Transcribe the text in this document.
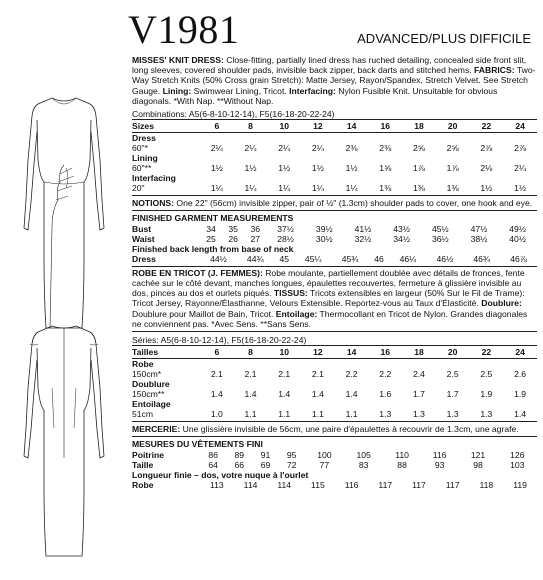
V1981	ADVANCED/PLUS DIFFICILE

MISSES' KNIT DRESS: Close-fitting, partially lined dress has ruched detailing, concealed side front slit, long sleeves, covered shoulder pads, invisible back zipper, back darts and stitched hems. FABRICS: Two-Way Stretch Knits (50% Cross grain Stretch): Matte Jersey, Rayon/Spandex, Stretch Velvet. See Stretch Gauge. Lining: Swimwear Lining, Tricot. Interfacing: Nylon Fusible Knit. Unsuitable for obvious diagonals. *With Nap. **Without Nap.

Combinations: A5(6-8-10-12-14), F5(16-18-20-22-24)
Sizes	6	8	10	12	14	16	18	20	22	24
Dress										
60"*	2¼	2¼	2¼	2¼	2⅜	2⅜	2⅝	2⅝	2⅞	2⅞
Lining										
60"**	1½	1½	1½	1½	1½	1⅝	1⅞	1⅞	2⅛	2¼
Interfacing										
20"	1¼	1¼	1¼	1¼	1¼	1⅜	1⅜	1⅜	1½	1½

NOTIONS: One 22" (56cm) invisible zipper, pair of ½" (1.3cm) shoulder pads to cover, one hook and eye.

FINISHED GARMENT MEASUREMENTS
Bust	34	35	36	37½	39½	41½	43½	45½	47½	49½
Waist	25	26	27	28½	30½	32½	34½	36½	38½	40½
Finished back length from base of neck
Dress	44½	44¾	45	45¼	45¾	46	46¼	46½	46¾	46⅞

ROBE EN TRICOT (J. FEMMES): Robe moulante, partiellement doublée avec détails de fronces, fente cachée sur le côté devant, manches longues, épaulettes recouvertes, fermeture à glissière invisible au dos, pinces au dos et ourlets piqués. TISSUS: Tricots extensibles en largeur (50% Sur le Fil de Trame): Tricot Jersey, Rayonne/Élasthanne, Velours Extensible. Reportez-vous au Taux d'Élasticité. Doublure: Doublure pour Maillot de Bain, Tricot. Entoilage: Thermocollant en Tricot de Nylon. Grandes diagonales ne conviennent pas. *Avec Sens. **Sans Sens.

Séries: A5(6-8-10-12-14), F5(16-18-20-22-24)
Tailles	6	8	10	12	14	16	18	20	22	24
Robe										
150cm*	2.1	2.1	2.1	2.1	2.2	2.2	2.4	2.5	2.5	2.6
Doublure										
150cm**	1.4	1.4	1.4	1.4	1.4	1.6	1.7	1.7	1.9	1.9
Entoilage										
51cm	1.0	1.1	1.1	1.1	1.1	1.3	1.3	1.3	1.3	1.4

MERCERIE: Une glissière invisible de 56cm, une paire d'épaulettes à recouvrir de 1.3cm, une agrafe.

MESURES DU VÊTEMENTS FINI
Poitrine	86	89	91	95	100	105	110	116	121	126
Taille	64	66	69	72	77	83	88	93	98	103
Longueur finie – dos, votre nuque à l'ourlet
Robe	113	114	114	115	116	117	117	117	118	119
